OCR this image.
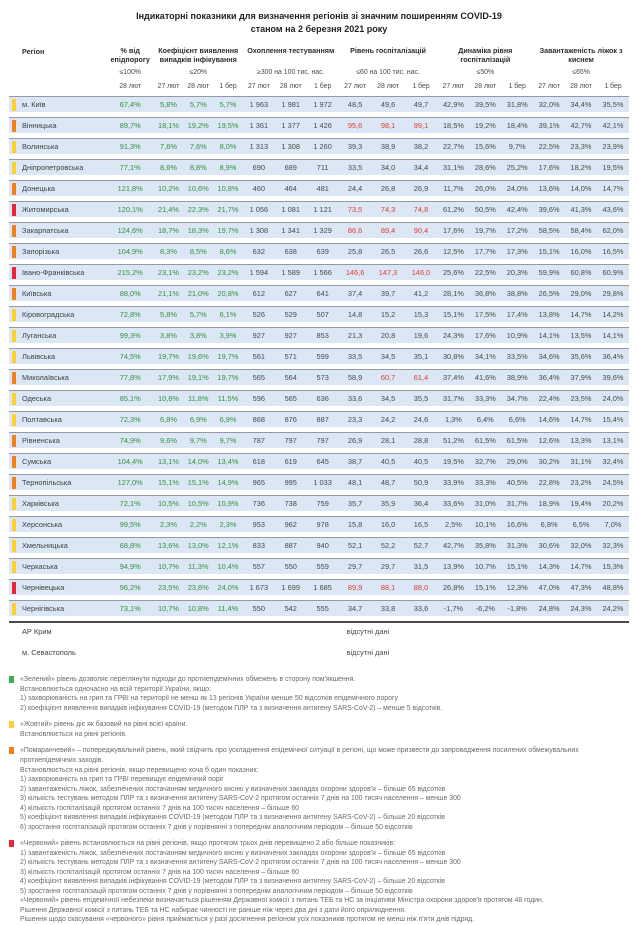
Індикаторні показники для визначення регіонів зі значним поширенням COVID-19
станом на 2 березня 2021 року
Регіон	% від епідпорогу	Коефіцієнт виявлення випадків інфікування			Охоплення тестуванням			Рівень госпіталізацій			Динаміка рівня госпіталізацій			Завантаженість ліжок з киснем		
	≤100%	≤20%			≥300 на 100 тис. нас.			≤60 на 100 тис. нас.			≤50%			≤65%		
	28 лют	27 лют	28 лют	1 бер	27 лют	28 лют	1 бер	27 лют	28 лют	1 бер	27 лют	28 лют	1 бер	27 лют	28 лют	1 бер
м. Київ	67,4%	5,8%	5,7%	5,7%	1 963	1 981	1 972	48,5	49,6	49,7	42,9%	39,5%	31,8%	32,0%	34,4%	35,5%
Вінницька	89,7%	18,1%	19,2%	19,5%	1 361	1 377	1 426	95,6	98,1	99,1	18,5%	19,2%	18,4%	39,1%	42,7%	42,1%
Волинська	91,3%	7,6%	7,6%	8,0%	1 313	1 308	1 260	39,3	38,9	38,2	22,7%	15,6%	9,7%	22,5%	23,3%	23,9%
Дніпропетровська	77,1%	8,6%	8,8%	8,9%	690	689	711	33,5	34,0	34,4	31,1%	28,6%	25,2%	17,6%	18,2%	19,5%
Донецька	121,8%	10,2%	10,6%	10,8%	460	464	481	24,4	26,8	26,9	11,7%	26,0%	24,0%	13,6%	14,0%	14,7%
Житомирська	120,1%	21,4%	22,3%	21,7%	1 056	1 081	1 121	73,5	74,3	74,8	61,2%	50,5%	42,4%	39,6%	41,3%	43,6%
Закарпатська	124,6%	18,7%	18,3%	19,7%	1 308	1 341	1 329	86,6	89,4	90,4	17,6%	19,7%	17,2%	58,5%	58,4%	62,0%
Запорізька	104,9%	8,3%	8,5%	8,6%	632	638	639	25,8	26,5	26,6	12,5%	17,7%	17,3%	15,1%	16,0%	16,5%
Івано-Франківська	215,2%	23,1%	23,2%	23,2%	1 594	1 589	1 566	146,6	147,3	146,0	25,6%	22,5%	20,3%	59,9%	60,8%	60,9%
Київська	88,0%	21,1%	21,0%	20,8%	612	627	641	37,4	39,7	41,2	28,1%	36,8%	38,8%	26,5%	29,0%	29,8%
Кіровоградська	72,8%	5,8%	5,7%	6,1%	526	529	507	14,8	15,2	15,3	15,1%	17,5%	17,4%	13,8%	14,7%	14,2%
Луганська	99,3%	3,8%	3,8%	3,9%	927	927	853	21,3	20,8	19,6	24,3%	17,6%	10,9%	14,1%	13,5%	14,1%
Львівська	74,5%	19,7%	19,6%	19,7%	561	571	599	33,5	34,5	35,1	30,8%	34,1%	33,5%	34,6%	35,6%	36,4%
Миколаївська	77,8%	17,9%	19,1%	19,7%	565	564	573	58,9	60,7	61,4	37,4%	41,6%	38,9%	36,4%	37,9%	39,6%
Одеська	85,1%	10,6%	11,8%	11,5%	596	565	636	33,6	34,5	35,5	31,7%	33,3%	34,7%	22,4%	23,5%	24,0%
Полтавська	72,3%	6,8%	6,9%	6,9%	868	876	887	23,3	24,2	24,6	1,3%	6,4%	6,6%	14,6%	14,7%	15,4%
Рівненська	74,9%	9,6%	9,7%	9,7%	787	797	797	26,9	28,1	28,8	51,2%	61,5%	61,5%	12,6%	13,3%	13,1%
Сумська	104,4%	13,1%	14,0%	13,4%	618	619	645	38,7	40,5	40,5	19,5%	32,7%	29,0%	30,2%	31,1%	32,4%
Тернопільська	127,0%	15,1%	15,1%	14,9%	965	995	1 033	48,1	48,7	50,9	33,9%	33,3%	40,5%	22,8%	23,2%	24,5%
Харківська	72,1%	10,5%	10,5%	10,9%	736	738	759	35,7	35,9	36,4	33,6%	31,0%	31,7%	18,9%	19,4%	20,2%
Херсонська	99,5%	2,3%	2,2%	2,3%	953	962	978	15,8	16,0	16,5	2,5%	10,1%	16,6%	6,8%	6,5%	7,0%
Хмельницька	68,8%	13,6%	13,0%	12,1%	833	887	940	52,1	52,2	52,7	42,7%	35,8%	31,3%	30,6%	32,0%	32,3%
Черкаська	94,9%	10,7%	11,3%	10,4%	557	550	559	29,7	29,7	31,5	13,9%	10,7%	15,1%	14,3%	14,7%	15,3%
Чернівецька	96,2%	23,5%	23,6%	24,0%	1 673	1 699	1 685	89,9	88,1	88,0	26,8%	15,1%	12,3%	47,0%	47,3%	48,8%
Чернігівська	73,1%	10,7%	10,8%	11,4%	550	542	555	34,7	33,8	33,6	-1,7%	-6,2%	-1,8%	24,8%	24,3%	24,2%
АР Крим	відсутні дані															
м. Севастополь	відсутні дані															
«Зелений» рівень дозволяє переглянути підходи до протиепідемічних обмежень в сторону пом'якшення.
Встановлюється одночасно на всій території України, якщо:
1) захворюваність на грип та ГРВІ на території не менш як 13 регіонів України менше 50 відсотків епідемічного порогу
2) коефіцієнт виявлення випадків інфікування COVID-19 (методом ПЛР та з визначення антигену SARS-CoV-2) – менше 5 відсотків.
«Жовтий» рівень діє як базовий на рівні всієї країни.
Встановлюється на рівні регіонів.
«Помаранчевий» – попереджувальний рівень, який свідчить про ускладнення епідемічної ситуації в регіоні, що може призвести до запровадження посилених обмежувальних протиепідемічних заходів.
Встановлюється на рівні регіонів, якщо перевищено хоча б один показник:
1) захворюваність на грип та ГРВІ перевищує епідемічний поріг
2) завантаженість ліжок, забезпечених постачанням медичного кисню у визначених закладах охорони здоров'я – більше 65 відсотків
3) кількість тестувань методом ПЛР та з визначення антигену SARS-CoV-2 протягом останніх 7 днів на 100 тисяч населення – менше 300
4) кількість госпіталізацій протягом останніх 7 днів на 100 тисяч населення – більше 60
5) коефіцієнт виявлення випадків інфікування COVID-19 (методом ПЛР та з визначення антигену SARS-CoV-2) – більше 20 відсотків
6) зростання госпіталізацій протягом останніх 7 днів у порівнянні з попереднім аналогічним періодом – більше 50 відсотків
«Червоний» рівень встановлюється на рівні регіонів, якщо протягом трьох днів перевищено 2 або більше показників:
1) завантаженість ліжок, забезпечених постачанням медичного кисню у визначених закладах охорони здоров'я – більше 65 відсотків
2) кількість тестувань методом ПЛР та з визначення антигену SARS-CoV-2 протягом останніх 7 днів на 100 тисяч населення – менше 300
3) кількість госпіталізацій протягом останніх 7 днів на 100 тисяч населення – більше 60
4) коефіцієнт виявлення випадків інфікування COVID-19 (методом ПЛР та з визначення антигену SARS-CoV-2) – більше 20 відсотків
5) зростання госпіталізацій протягом останніх 7 днів у порівнянні з попереднім аналогічним періодом – більше 50 відсотків
«Червоний» рівень епідемічної небезпеки визначається рішенням Державної комісії з питань ТЕБ та НС за ініціативи Міністра охорони здоров'я протягом 48 годин.
Рішення Державної комісії з питань ТЕБ та НС набирає чинності не раніше ніж через два дні з дати його оприлюднення.
Рішення щодо скасування «червоного» рівня приймається у разі досягнення регіоном усіх показників протягом не менш ніж п'яти днів підряд.
